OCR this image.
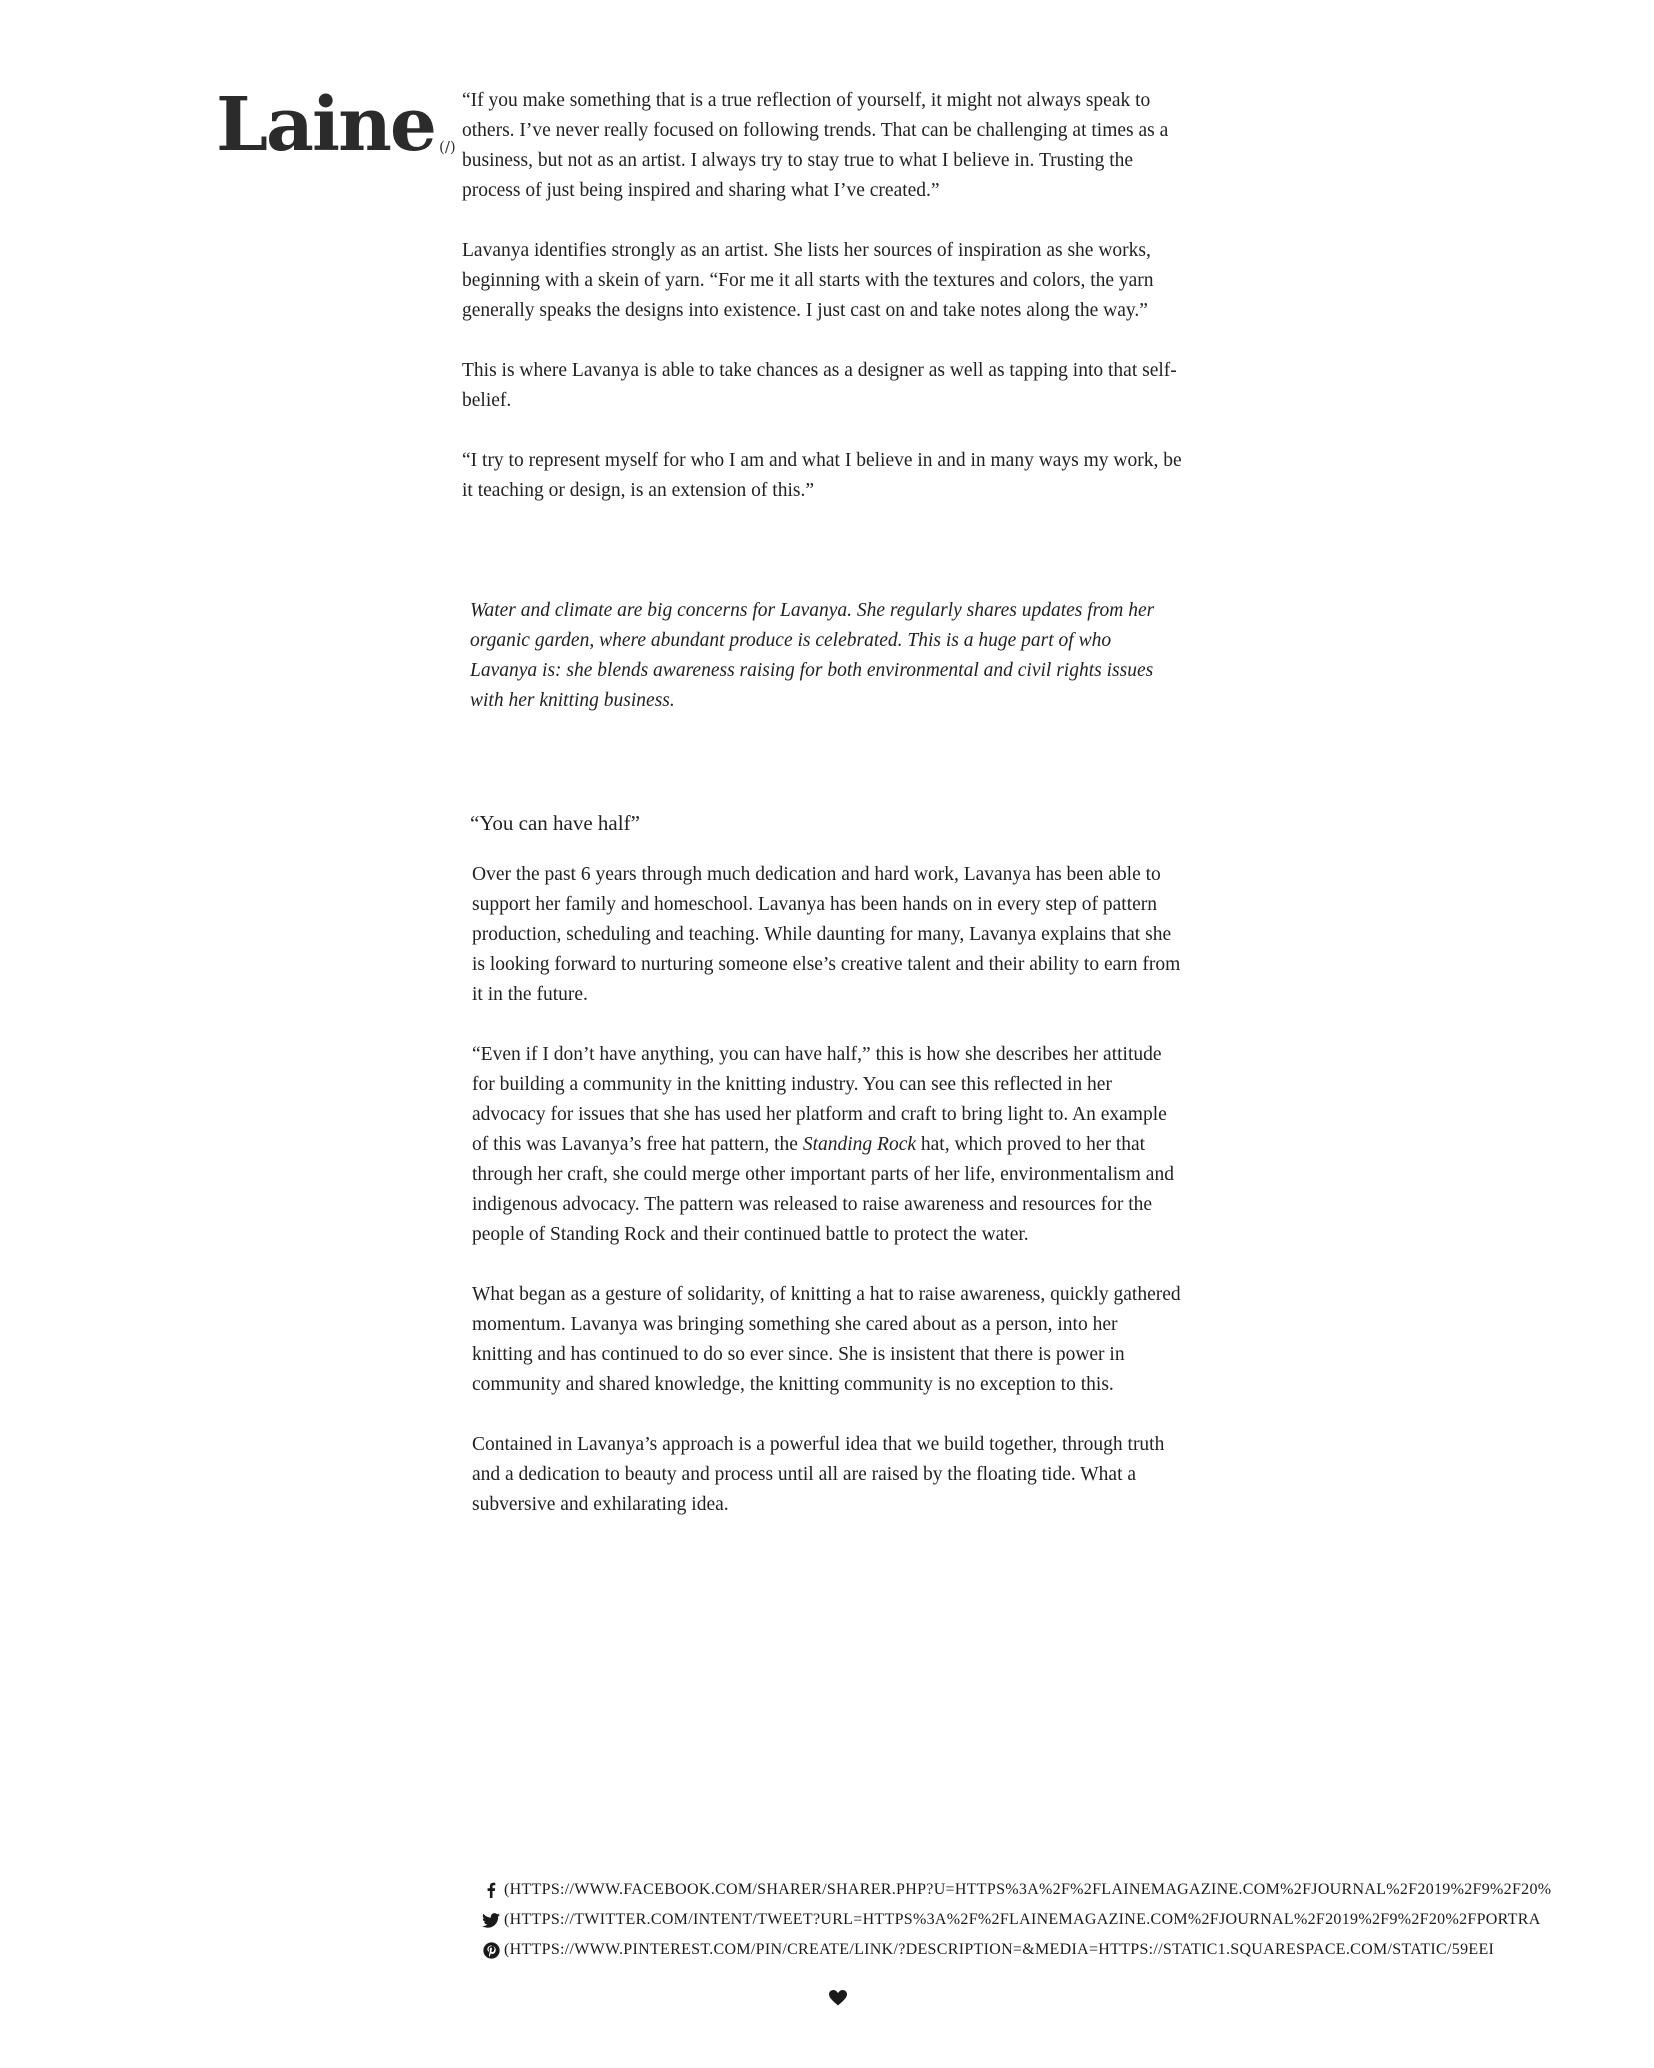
Laine (/)

“If you make something that is a true reflection of yourself, it might not always speak to others. I’ve never really focused on following trends. That can be challenging at times as a business, but not as an artist. I always try to stay true to what I believe in. Trusting the process of just being inspired and sharing what I’ve created.”

Lavanya identifies strongly as an artist. She lists her sources of inspiration as she works, beginning with a skein of yarn. “For me it all starts with the textures and colors, the yarn generally speaks the designs into existence. I just cast on and take notes along the way.”

This is where Lavanya is able to take chances as a designer as well as tapping into that self-belief.

“I try to represent myself for who I am and what I believe in and in many ways my work, be it teaching or design, is an extension of this.”

Water and climate are big concerns for Lavanya. She regularly shares updates from her organic garden, where abundant produce is celebrated. This is a huge part of who Lavanya is: she blends awareness raising for both environmental and civil rights issues with her knitting business.

“You can have half”

Over the past 6 years through much dedication and hard work, Lavanya has been able to support her family and homeschool. Lavanya has been hands on in every step of pattern production, scheduling and teaching. While daunting for many, Lavanya explains that she is looking forward to nurturing someone else’s creative talent and their ability to earn from it in the future.

“Even if I don’t have anything, you can have half,” this is how she describes her attitude for building a community in the knitting industry. You can see this reflected in her advocacy for issues that she has used her platform and craft to bring light to. An example of this was Lavanya’s free hat pattern, the Standing Rock hat, which proved to her that through her craft, she could merge other important parts of her life, environmentalism and indigenous advocacy. The pattern was released to raise awareness and resources for the people of Standing Rock and their continued battle to protect the water.

What began as a gesture of solidarity, of knitting a hat to raise awareness, quickly gathered momentum. Lavanya was bringing something she cared about as a person, into her knitting and has continued to do so ever since. She is insistent that there is power in community and shared knowledge, the knitting community is no exception to this.

Contained in Lavanya’s approach is a powerful idea that we build together, through truth and a dedication to beauty and process until all are raised by the floating tide. What a subversive and exhilarating idea.

(HTTPS://WWW.FACEBOOK.COM/SHARER/SHARER.PHP?U=HTTPS%3A%2F%2FLAINEMAGAZINE.COM%2FJOURNAL%2F2019%2F9%2F20%
(HTTPS://TWITTER.COM/INTENT/TWEET?URL=HTTPS%3A%2F%2FLAINEMAGAZINE.COM%2FJOURNAL%2F2019%2F9%2F20%2FPORTRA
(HTTPS://WWW.PINTEREST.COM/PIN/CREATE/LINK/?DESCRIPTION=&MEDIA=HTTPS://STATIC1.SQUARESPACE.COM/STATIC/59EEI
